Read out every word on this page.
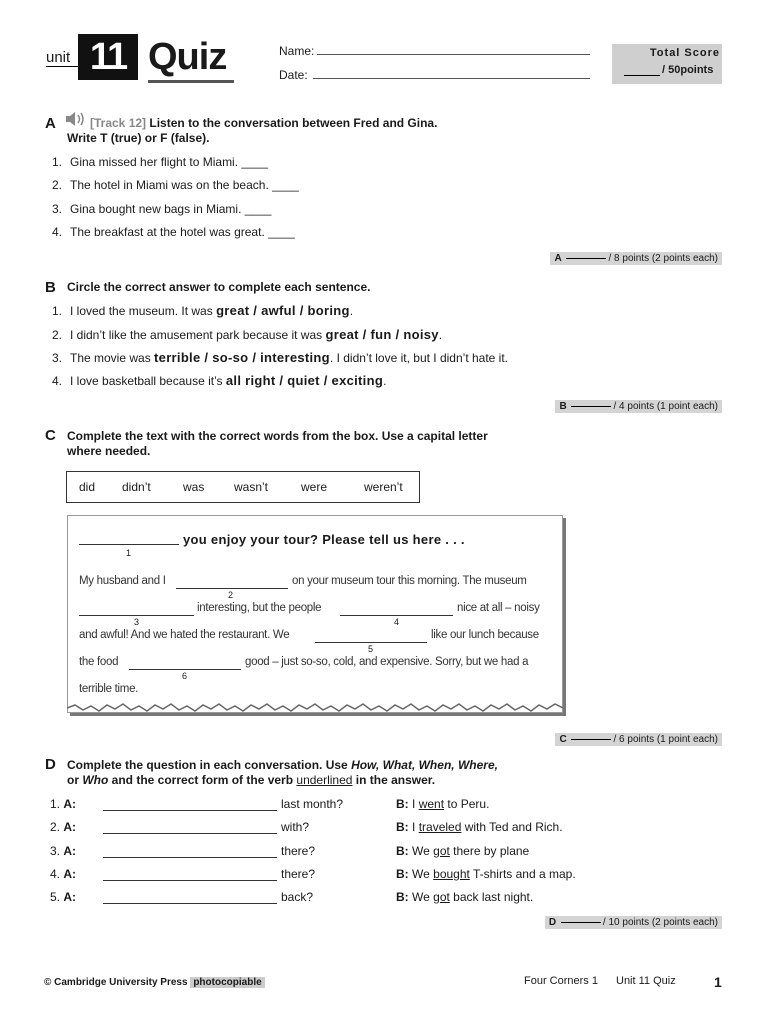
unit 11 Quiz	Name:
Date:
Total Score
/ 50points
A	[Track 12] Listen to the conversation between Fred and Gina.
Write T (true) or F (false).
1. Gina missed her flight to Miami. ____
2. The hotel in Miami was on the beach. ____
3. Gina bought new bags in Miami. ____
4. The breakfast at the hotel was great. ____
A	/ 8 points (2 points each)
B Circle the correct answer to complete each sentence.
1. I loved the museum. It was great / awful / boring.
2. I didn’t like the amusement park because it was great / fun / noisy.
3. The movie was terrible / so-so / interesting. I didn’t love it, but I didn’t hate it.
4. I love basketball because it’s all right / quiet / exciting.
B	/ 4 points (1 point each)
C Complete the text with the correct words from the box. Use a capital letter
where needed.
did didn’t	was wasn’t	were	weren’t
1
you enjoy your tour? Please tell us here . . .
My husband and I
2
on your museum tour this morning. The museum
3
interesting, but the people
4
nice at all – noisy
and awful! And we hated the restaurant. We
5
like our lunch because
the food
6
good – just so-so, cold, and expensive. Sorry, but we had a
terrible time.
C	/ 6 points (1 point each)
D Complete the question in each conversation. Use How, What, When, Where,
or Who and the correct form of the verb underlined in the answer.
1. A:	last month?	B: I went to Peru.
2. A:	with?	B: I traveled with Ted and Rich.
3. A:	there?	B: We got there by plane
4. A:	there?	B: We bought T-shirts and a map.
5. A:	back?	B: We got back last night.
D	/ 10 points (2 points each)
© Cambridge University Press photocopiable	Four Corners 1 Unit 11 Quiz	1
